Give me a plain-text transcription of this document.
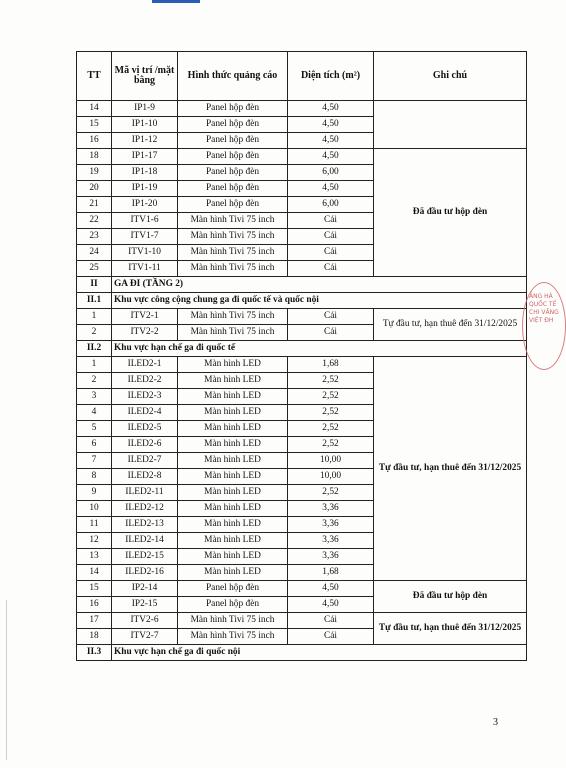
TT	Mã vị trí /mặt bằng	Hình thức quảng cáo	Diện tích (m²)	Ghi chú
14	IP1-9	Panel hộp đèn	4,50	
15	IP1-10	Panel hộp đèn	4,50	
16	IP1-12	Panel hộp đèn	4,50	
18	IP1-17	Panel hộp đèn	4,50	Đã đầu tư hộp đèn
19	IP1-18	Panel hộp đèn	6,00	
20	IP1-19	Panel hộp đèn	4,50	
21	IP1-20	Panel hộp đèn	6,00	
22	ITV1-6	Màn hình Tivi 75 inch	Cái	
23	ITV1-7	Màn hình Tivi 75 inch	Cái	
24	ITV1-10	Màn hình Tivi 75 inch	Cái	
25	ITV1-11	Màn hình Tivi 75 inch	Cái	
II	GA ĐI (TẦNG 2)			
II.1	Khu vực công cộng chung ga đi quốc tế và quốc nội			
1	ITV2-1	Màn hình Tivi 75 inch	Cái	Tự đầu tư, hạn thuê đến 31/12/2025
2	ITV2-2	Màn hình Tivi 75 inch	Cái	
II.2	Khu vực hạn chế ga đi quốc tế			
1	ILED2-1	Màn hình LED	1,68	Tự đầu tư, hạn thuê đến 31/12/2025
2	ILED2-2	Màn hình LED	2,52	
3	ILED2-3	Màn hình LED	2,52	
4	ILED2-4	Màn hình LED	2,52	
5	ILED2-5	Màn hình LED	2,52	
6	ILED2-6	Màn hình LED	2,52	
7	ILED2-7	Màn hình LED	10,00	
8	ILED2-8	Màn hình LED	10,00	
9	ILED2-11	Màn hình LED	2,52	
10	ILED2-12	Màn hình LED	3,36	
11	ILED2-13	Màn hình LED	3,36	
12	ILED2-14	Màn hình LED	3,36	
13	ILED2-15	Màn hình LED	3,36	
14	ILED2-16	Màn hình LED	1,68	
15	IP2-14	Panel hộp đèn	4,50	Đã đầu tư hộp đèn
16	IP2-15	Panel hộp đèn	4,50	
17	ITV2-6	Màn hình Tivi 75 inch	Cái	Tự đầu tư, hạn thuê đến 31/12/2025
18	ITV2-7	Màn hình Tivi 75 inch	Cái	
II.3	Khu vực hạn chế ga đi quốc nội			
ẢNG HÀ QUỐC TẾ CHI VĂNG VIỆT ĐH
3
